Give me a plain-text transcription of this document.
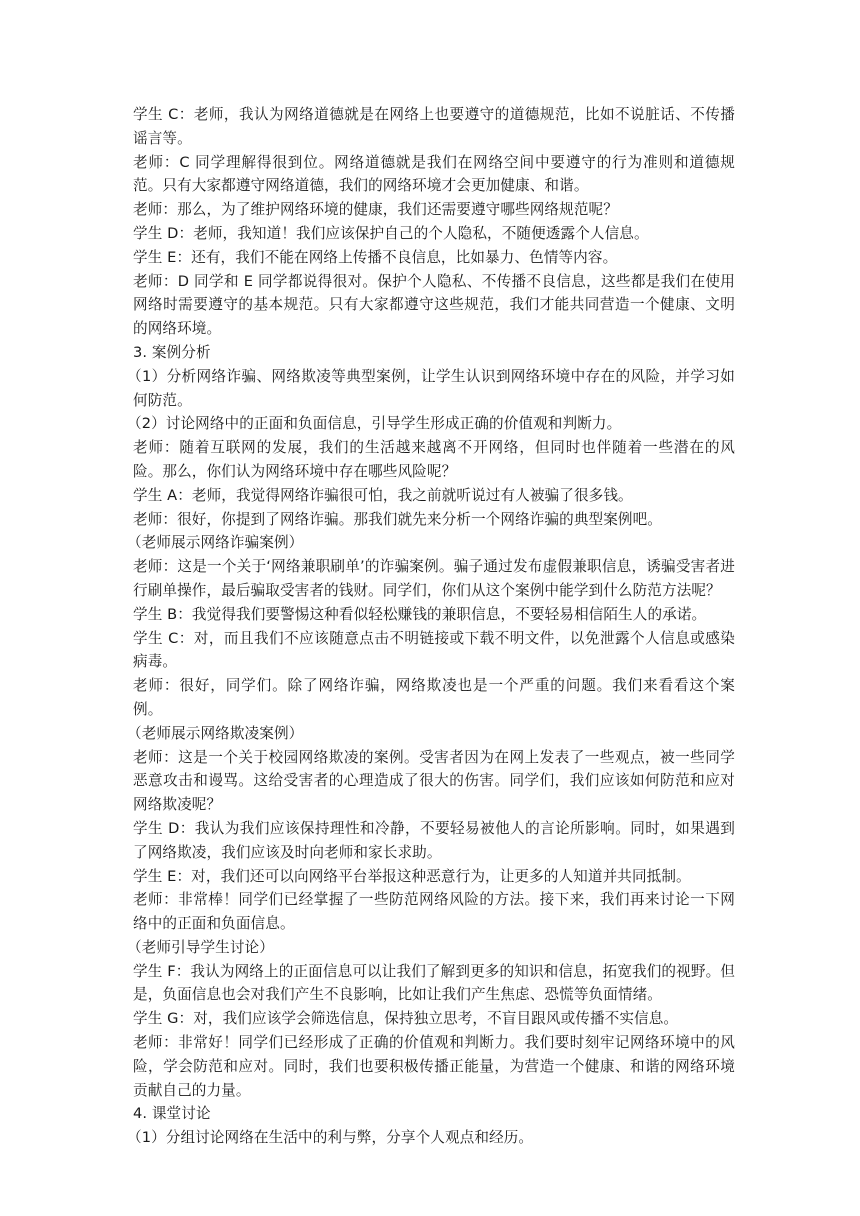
学生 C：老师，我认为网络道德就是在网络上也要遵守的道德规范，比如不说脏话、不传播谣言等。

老师：C 同学理解得很到位。网络道德就是我们在网络空间中要遵守的行为准则和道德规范。只有大家都遵守网络道德，我们的网络环境才会更加健康、和谐。

老师：那么，为了维护网络环境的健康，我们还需要遵守哪些网络规范呢？

学生 D：老师，我知道！我们应该保护自己的个人隐私，不随便透露个人信息。

学生 E：还有，我们不能在网络上传播不良信息，比如暴力、色情等内容。

老师：D 同学和 E 同学都说得很对。保护个人隐私、不传播不良信息，这些都是我们在使用网络时需要遵守的基本规范。只有大家都遵守这些规范，我们才能共同营造一个健康、文明的网络环境。

3. 案例分析

（1）分析网络诈骗、网络欺凌等典型案例，让学生认识到网络环境中存在的风险，并学习如何防范。

（2）讨论网络中的正面和负面信息，引导学生形成正确的价值观和判断力。

老师：随着互联网的发展，我们的生活越来越离不开网络，但同时也伴随着一些潜在的风险。那么，你们认为网络环境中存在哪些风险呢？

学生 A：老师，我觉得网络诈骗很可怕，我之前就听说过有人被骗了很多钱。

老师：很好，你提到了网络诈骗。那我们就先来分析一个网络诈骗的典型案例吧。

（老师展示网络诈骗案例）

老师：这是一个关于‘网络兼职刷单’的诈骗案例。骗子通过发布虚假兼职信息，诱骗受害者进行刷单操作，最后骗取受害者的钱财。同学们，你们从这个案例中能学到什么防范方法呢？

学生 B：我觉得我们要警惕这种看似轻松赚钱的兼职信息，不要轻易相信陌生人的承诺。

学生 C：对，而且我们不应该随意点击不明链接或下载不明文件，以免泄露个人信息或感染病毒。

老师：很好，同学们。除了网络诈骗，网络欺凌也是一个严重的问题。我们来看看这个案例。

（老师展示网络欺凌案例）

老师：这是一个关于校园网络欺凌的案例。受害者因为在网上发表了一些观点，被一些同学恶意攻击和谩骂。这给受害者的心理造成了很大的伤害。同学们，我们应该如何防范和应对网络欺凌呢？

学生 D：我认为我们应该保持理性和冷静，不要轻易被他人的言论所影响。同时，如果遇到了网络欺凌，我们应该及时向老师和家长求助。

学生 E：对，我们还可以向网络平台举报这种恶意行为，让更多的人知道并共同抵制。

老师：非常棒！同学们已经掌握了一些防范网络风险的方法。接下来，我们再来讨论一下网络中的正面和负面信息。

（老师引导学生讨论）

学生 F：我认为网络上的正面信息可以让我们了解到更多的知识和信息，拓宽我们的视野。但是，负面信息也会对我们产生不良影响，比如让我们产生焦虑、恐慌等负面情绪。

学生 G：对，我们应该学会筛选信息，保持独立思考，不盲目跟风或传播不实信息。

老师：非常好！同学们已经形成了正确的价值观和判断力。我们要时刻牢记网络环境中的风险，学会防范和应对。同时，我们也要积极传播正能量，为营造一个健康、和谐的网络环境贡献自己的力量。

4. 课堂讨论

（1）分组讨论网络在生活中的利与弊，分享个人观点和经历。
